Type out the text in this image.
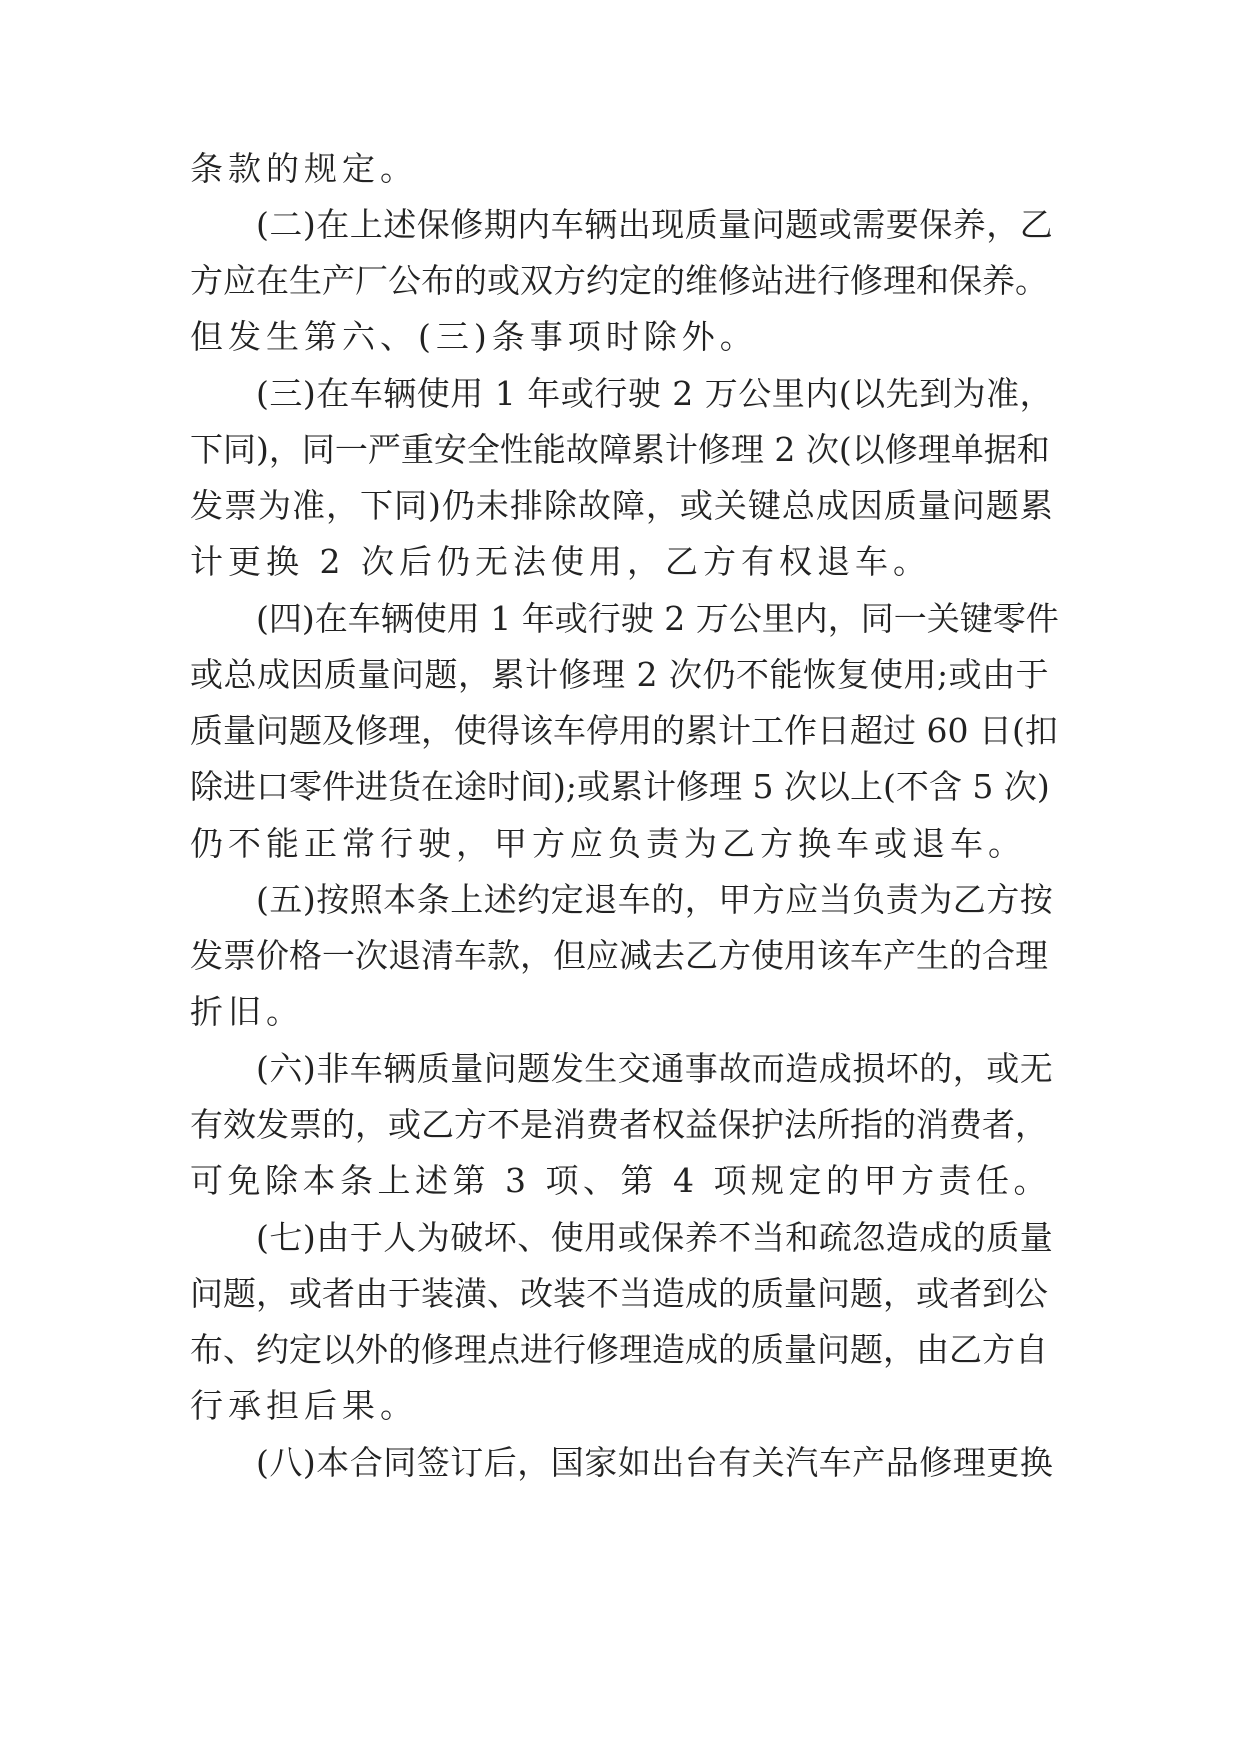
条款的规定。
(二)在上述保修期内车辆出现质量问题或需要保养，乙
方应在生产厂公布的或双方约定的维修站进行修理和保养。
但发生第六、(三)条事项时除外。
(三)在车辆使用 1 年或行驶 2 万公里内(以先到为准，
下同)，同一严重安全性能故障累计修理 2 次(以修理单据和
发票为准，下同)仍未排除故障，或关键总成因质量问题累
计更换 2 次后仍无法使用，乙方有权退车。
(四)在车辆使用 1 年或行驶 2 万公里内，同一关键零件
或总成因质量问题，累计修理 2 次仍不能恢复使用;或由于
质量问题及修理，使得该车停用的累计工作日超过 60 日(扣
除进口零件进货在途时间);或累计修理 5 次以上(不含 5 次)
仍不能正常行驶，甲方应负责为乙方换车或退车。
(五)按照本条上述约定退车的，甲方应当负责为乙方按
发票价格一次退清车款，但应减去乙方使用该车产生的合理
折旧。
(六)非车辆质量问题发生交通事故而造成损坏的，或无
有效发票的，或乙方不是消费者权益保护法所指的消费者，
可免除本条上述第 3 项、第 4 项规定的甲方责任。
(七)由于人为破坏、使用或保养不当和疏忽造成的质量
问题，或者由于装潢、改装不当造成的质量问题，或者到公
布、约定以外的修理点进行修理造成的质量问题，由乙方自
行承担后果。
(八)本合同签订后，国家如出台有关汽车产品修理更换
